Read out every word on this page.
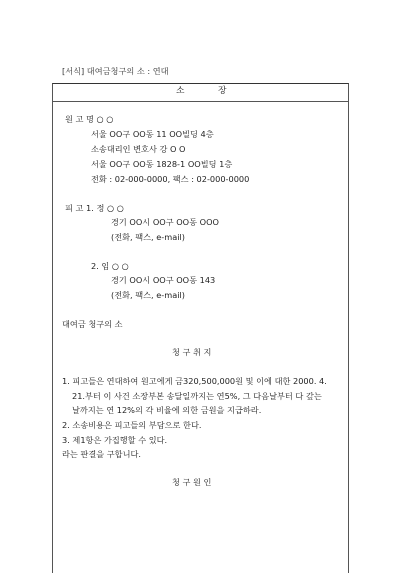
[서식] 대여금청구의 소 : 연대
소	장
원 고 명 ○ ○
서울 OO구 OO동 11 OO빌딩 4층
소송대리인 변호사 강 O O
서울 OO구 OO동 1828-1 OO빌딩 1층
전화 : 02-000-0000, 팩스 : 02-000-0000
피 고 1. 정 ○ ○
경기 OO시 OO구 OO동 OOO
(전화, 팩스, e-mail)
2. 임 ○ ○
경기 OO시 OO구 OO동 143
(전화, 팩스, e-mail)
대여금 청구의 소
청 구 취 지
1. 피고들은 연대하여 원고에게 금320,500,000원 및 이에 대한 2000. 4.
21.부터 이 사건 소장부본 송달일까지는 연5%, 그 다음날부터 다 갚는
날까지는 연 12%의 각 비율에 의한 금원을 지급하라.
2. 소송비용은 피고들의 부담으로 한다.
3. 제1항은 가집행할 수 있다.
라는 판결을 구합니다.
청 구 원 인
